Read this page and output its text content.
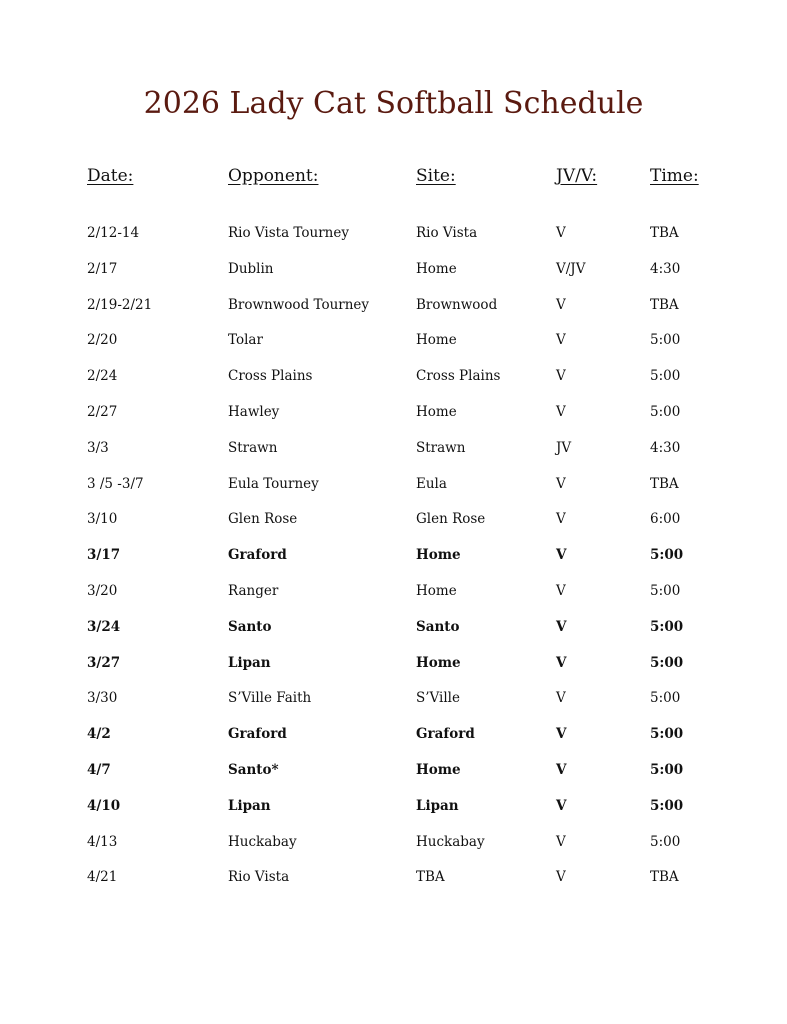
2026 Lady Cat Softball Schedule
Date:	Opponent:	Site:	JV/V:	Time:
2/12-14	Rio Vista Tourney	Rio Vista	V	TBA
2/17	Dublin	Home	V/JV	4:30
2/19-2/21	Brownwood Tourney	Brownwood	V	TBA
2/20	Tolar	Home	V	5:00
2/24	Cross Plains	Cross Plains	V	5:00
2/27	Hawley	Home	V	5:00
3/3	Strawn	Strawn	JV	4:30
3 /5 -3/7	Eula Tourney	Eula	V	TBA
3/10	Glen Rose	Glen Rose	V	6:00
3/17	Graford	Home	V	5:00
3/20	Ranger	Home	V	5:00
3/24	Santo	Santo	V	5:00
3/27	Lipan	Home	V	5:00
3/30	S’Ville Faith	S’Ville	V	5:00
4/2	Graford	Graford	V	5:00
4/7	Santo*	Home	V	5:00
4/10	Lipan	Lipan	V	5:00
4/13	Huckabay	Huckabay	V	5:00
4/21	Rio Vista	TBA	V	TBA
